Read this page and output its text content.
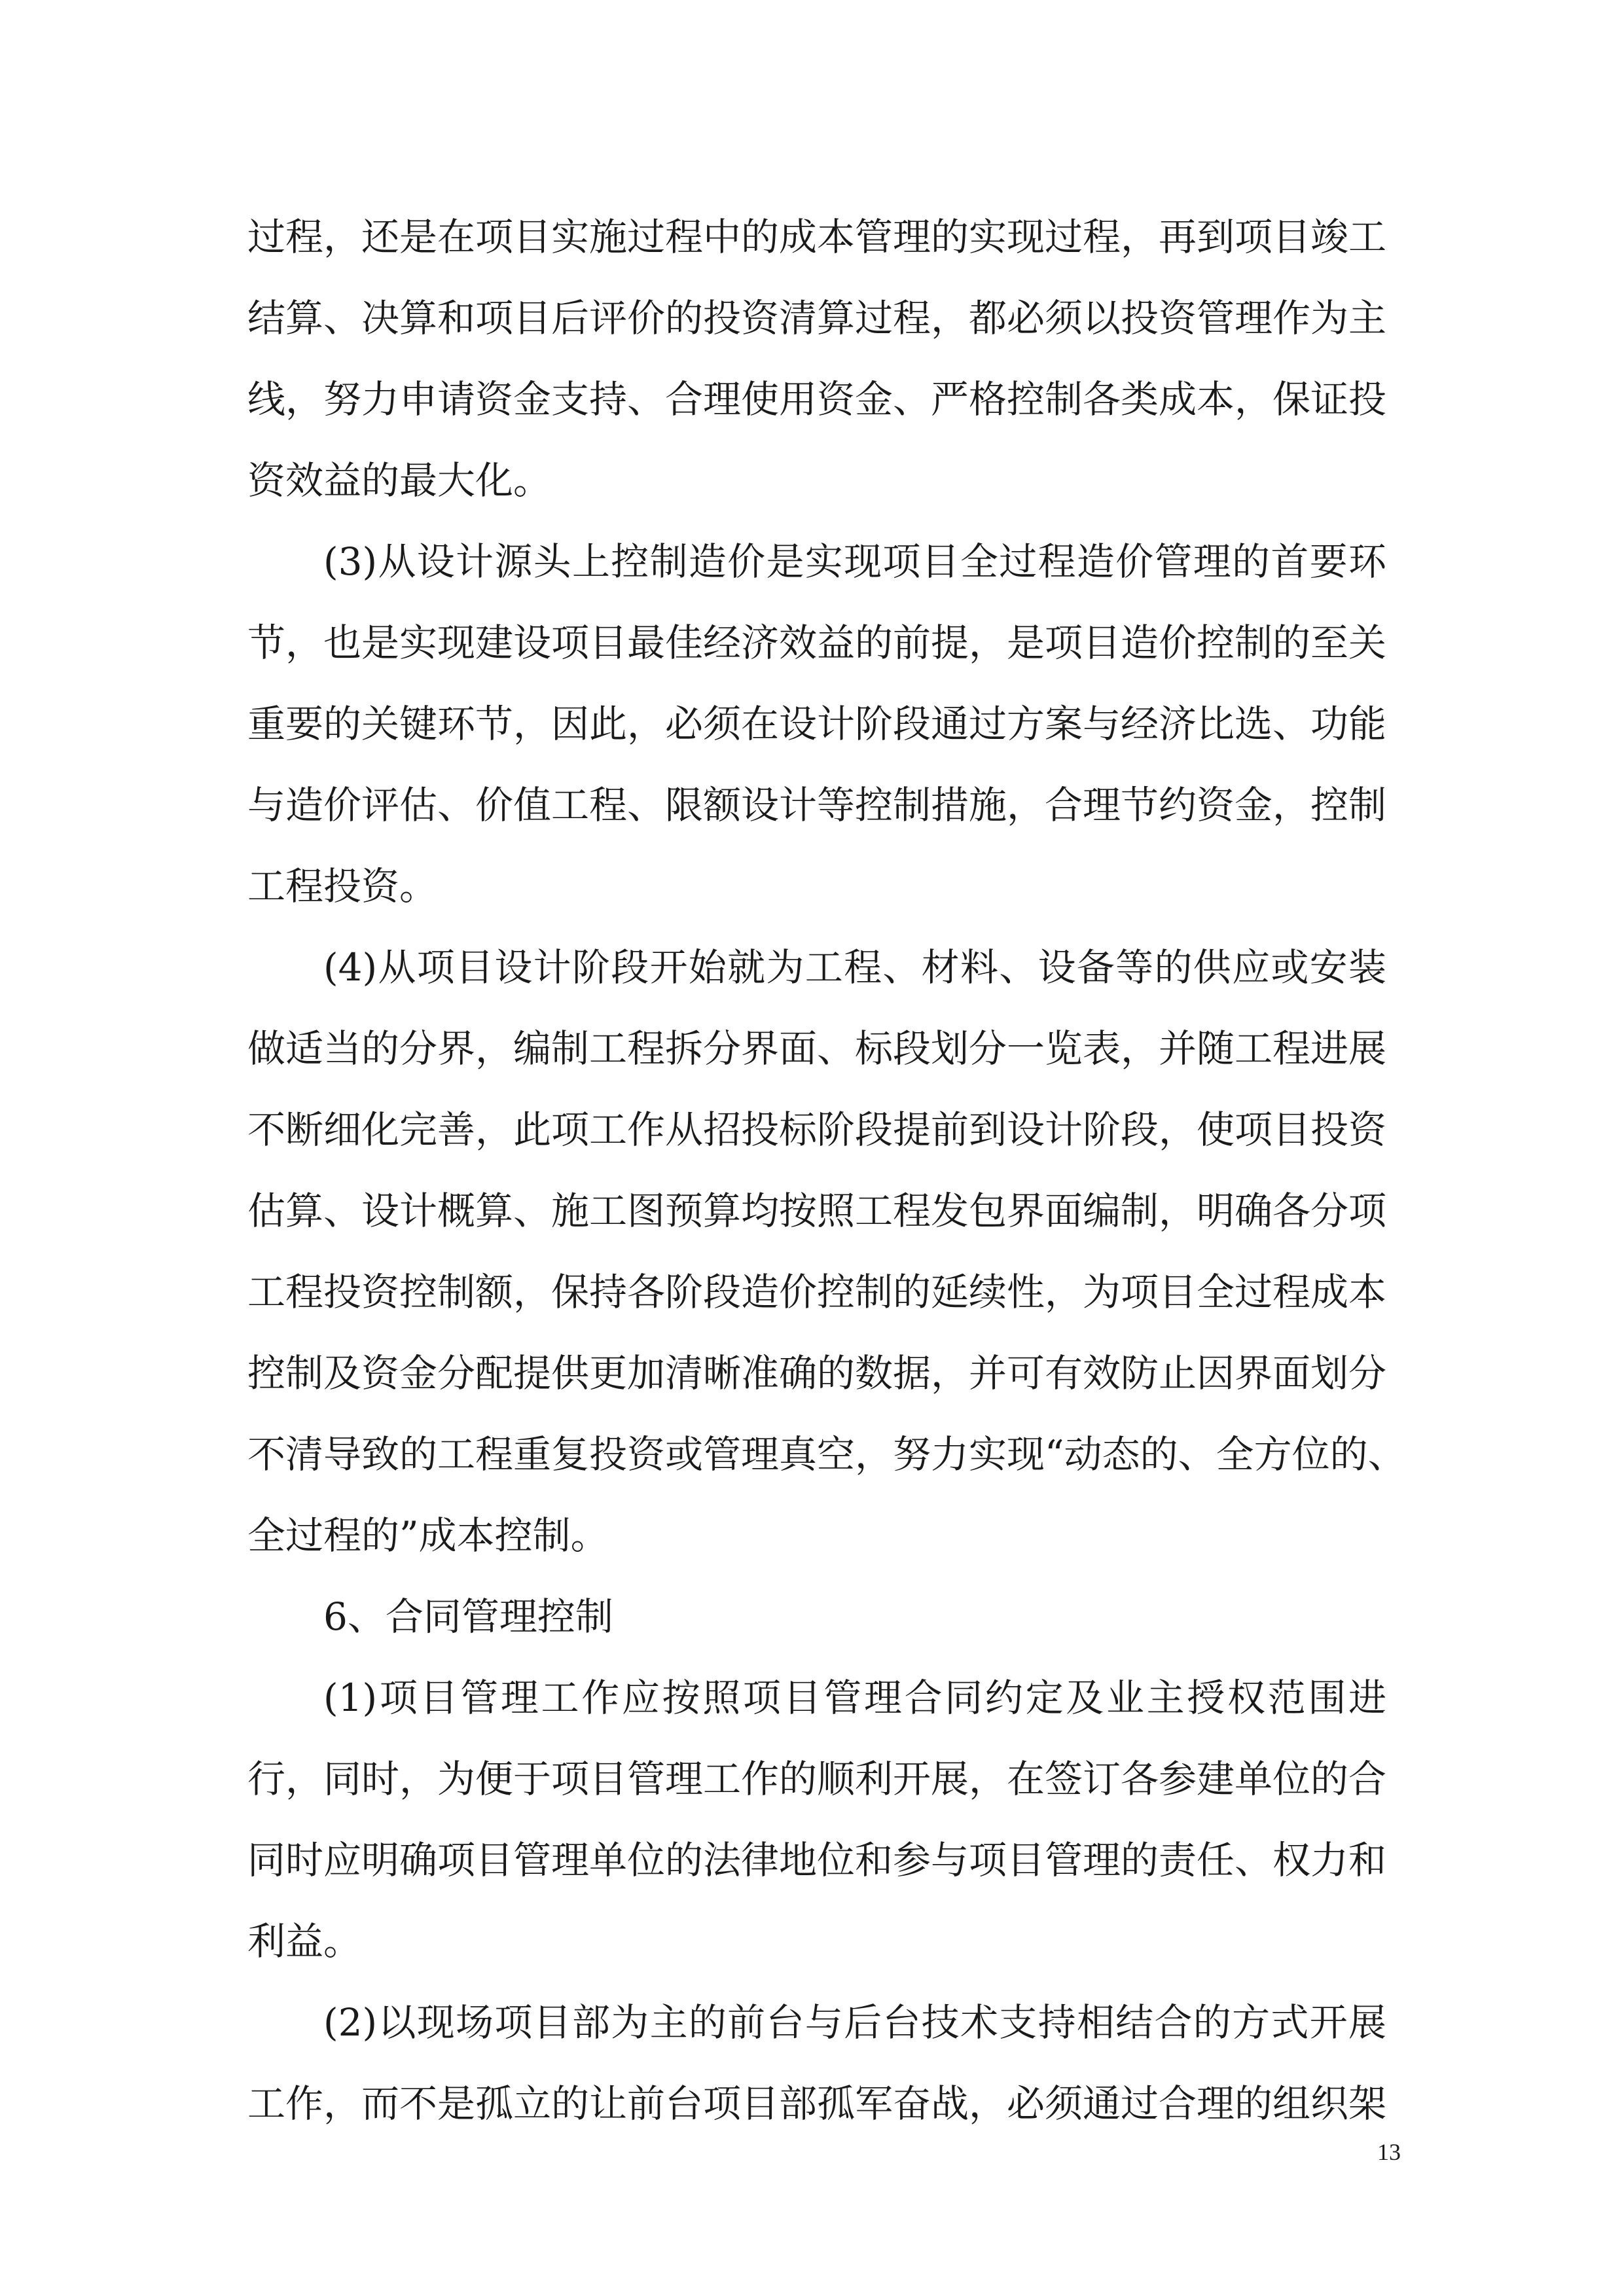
过程，还是在项目实施过程中的成本管理的实现过程，再到项目竣工
结算、决算和项目后评价的投资清算过程，都必须以投资管理作为主
线，努力申请资金支持、合理使用资金、严格控制各类成本，保证投
资效益的最大化。
(3)从设计源头上控制造价是实现项目全过程造价管理的首要环
节，也是实现建设项目最佳经济效益的前提，是项目造价控制的至关
重要的关键环节，因此，必须在设计阶段通过方案与经济比选、功能
与造价评估、价值工程、限额设计等控制措施，合理节约资金，控制
工程投资。
(4)从项目设计阶段开始就为工程、材料、设备等的供应或安装
做适当的分界，编制工程拆分界面、标段划分一览表，并随工程进展
不断细化完善，此项工作从招投标阶段提前到设计阶段，使项目投资
估算、设计概算、施工图预算均按照工程发包界面编制，明确各分项
工程投资控制额，保持各阶段造价控制的延续性，为项目全过程成本
控制及资金分配提供更加清晰准确的数据，并可有效防止因界面划分
不清导致的工程重复投资或管理真空，努力实现“动态的、全方位的、
全过程的”成本控制。
6、合同管理控制
(1)项目管理工作应按照项目管理合同约定及业主授权范围进
行，同时，为便于项目管理工作的顺利开展，在签订各参建单位的合
同时应明确项目管理单位的法律地位和参与项目管理的责任、权力和
利益。
(2)以现场项目部为主的前台与后台技术支持相结合的方式开展
工作，而不是孤立的让前台项目部孤军奋战，必须通过合理的组织架
13
